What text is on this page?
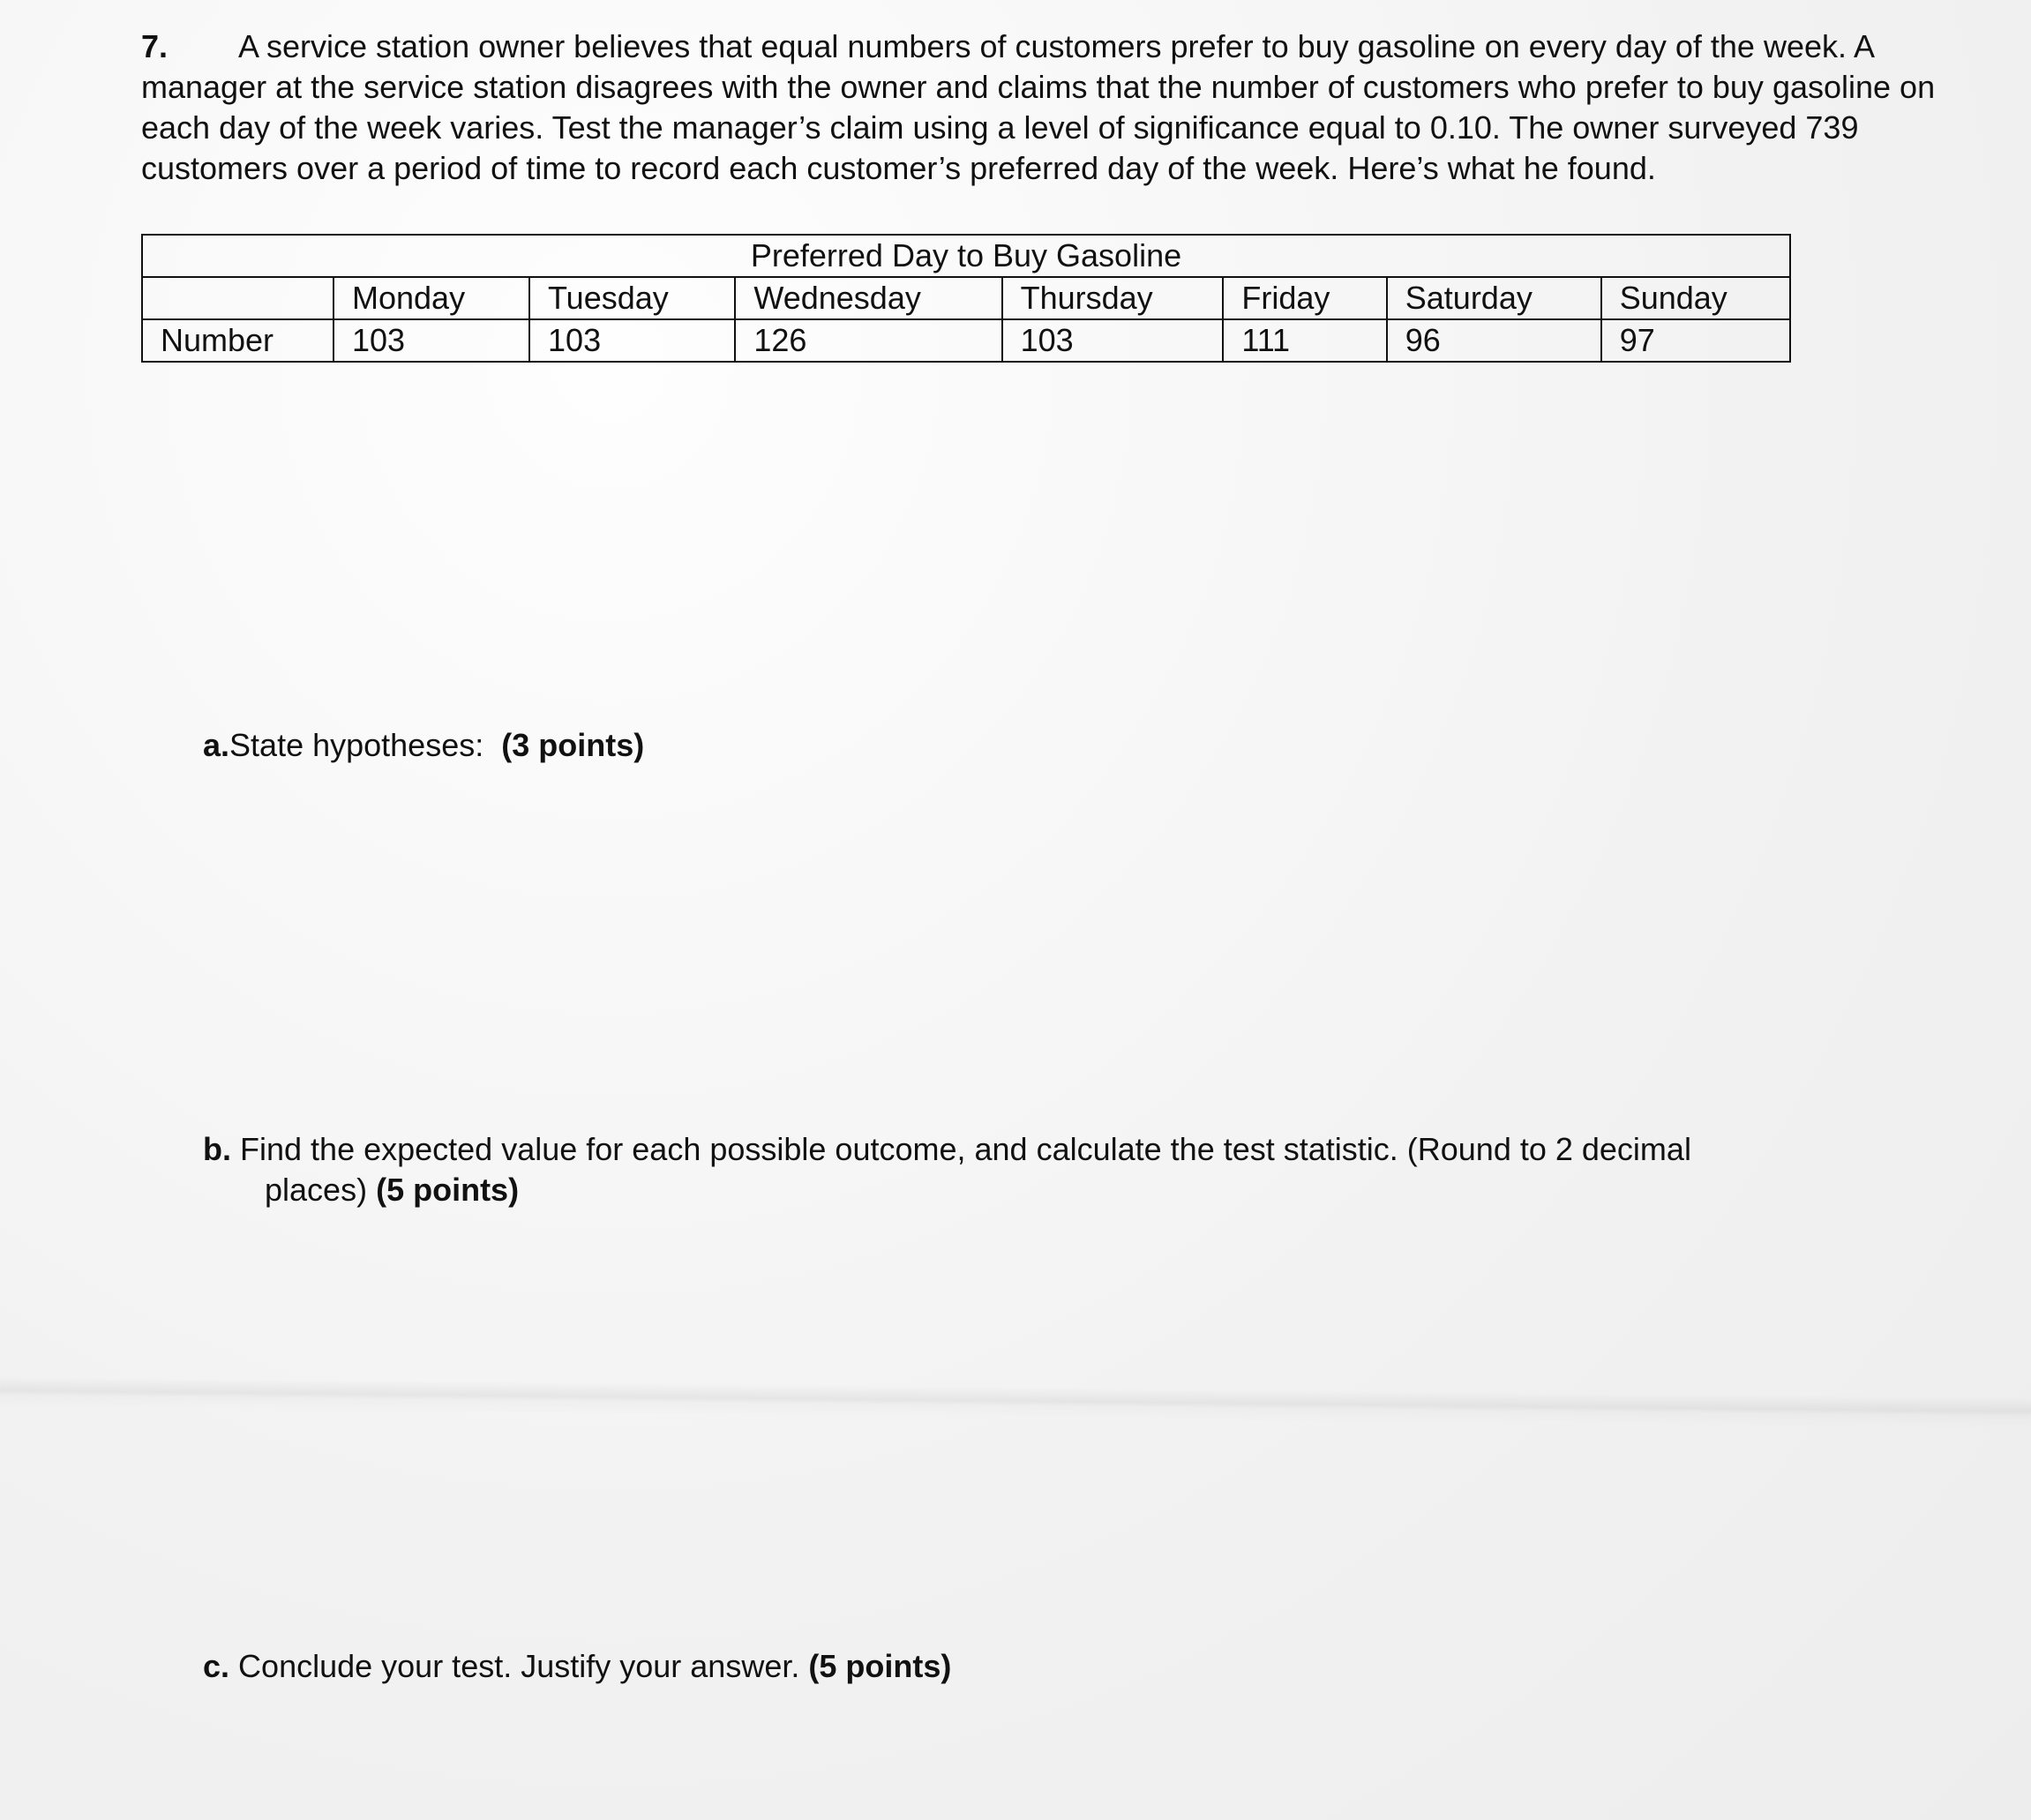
7. A service station owner believes that equal numbers of customers prefer to buy gasoline on every day of the week. A manager at the service station disagrees with the owner and claims that the number of customers who prefer to buy gasoline on each day of the week varies. Test the manager’s claim using a level of significance equal to 0.10. The owner surveyed 739 customers over a period of time to record each customer’s preferred day of the week. Here’s what he found.
Preferred Day to Buy Gasoline							
	Monday	Tuesday	Wednesday	Thursday	Friday	Saturday	Sunday
Number	103	103	126	103	111	96	97
a.State hypotheses: (3 points)
b. Find the expected value for each possible outcome, and calculate the test statistic. (Round to 2 decimal
places) (5 points)
c. Conclude your test. Justify your answer. (5 points)
